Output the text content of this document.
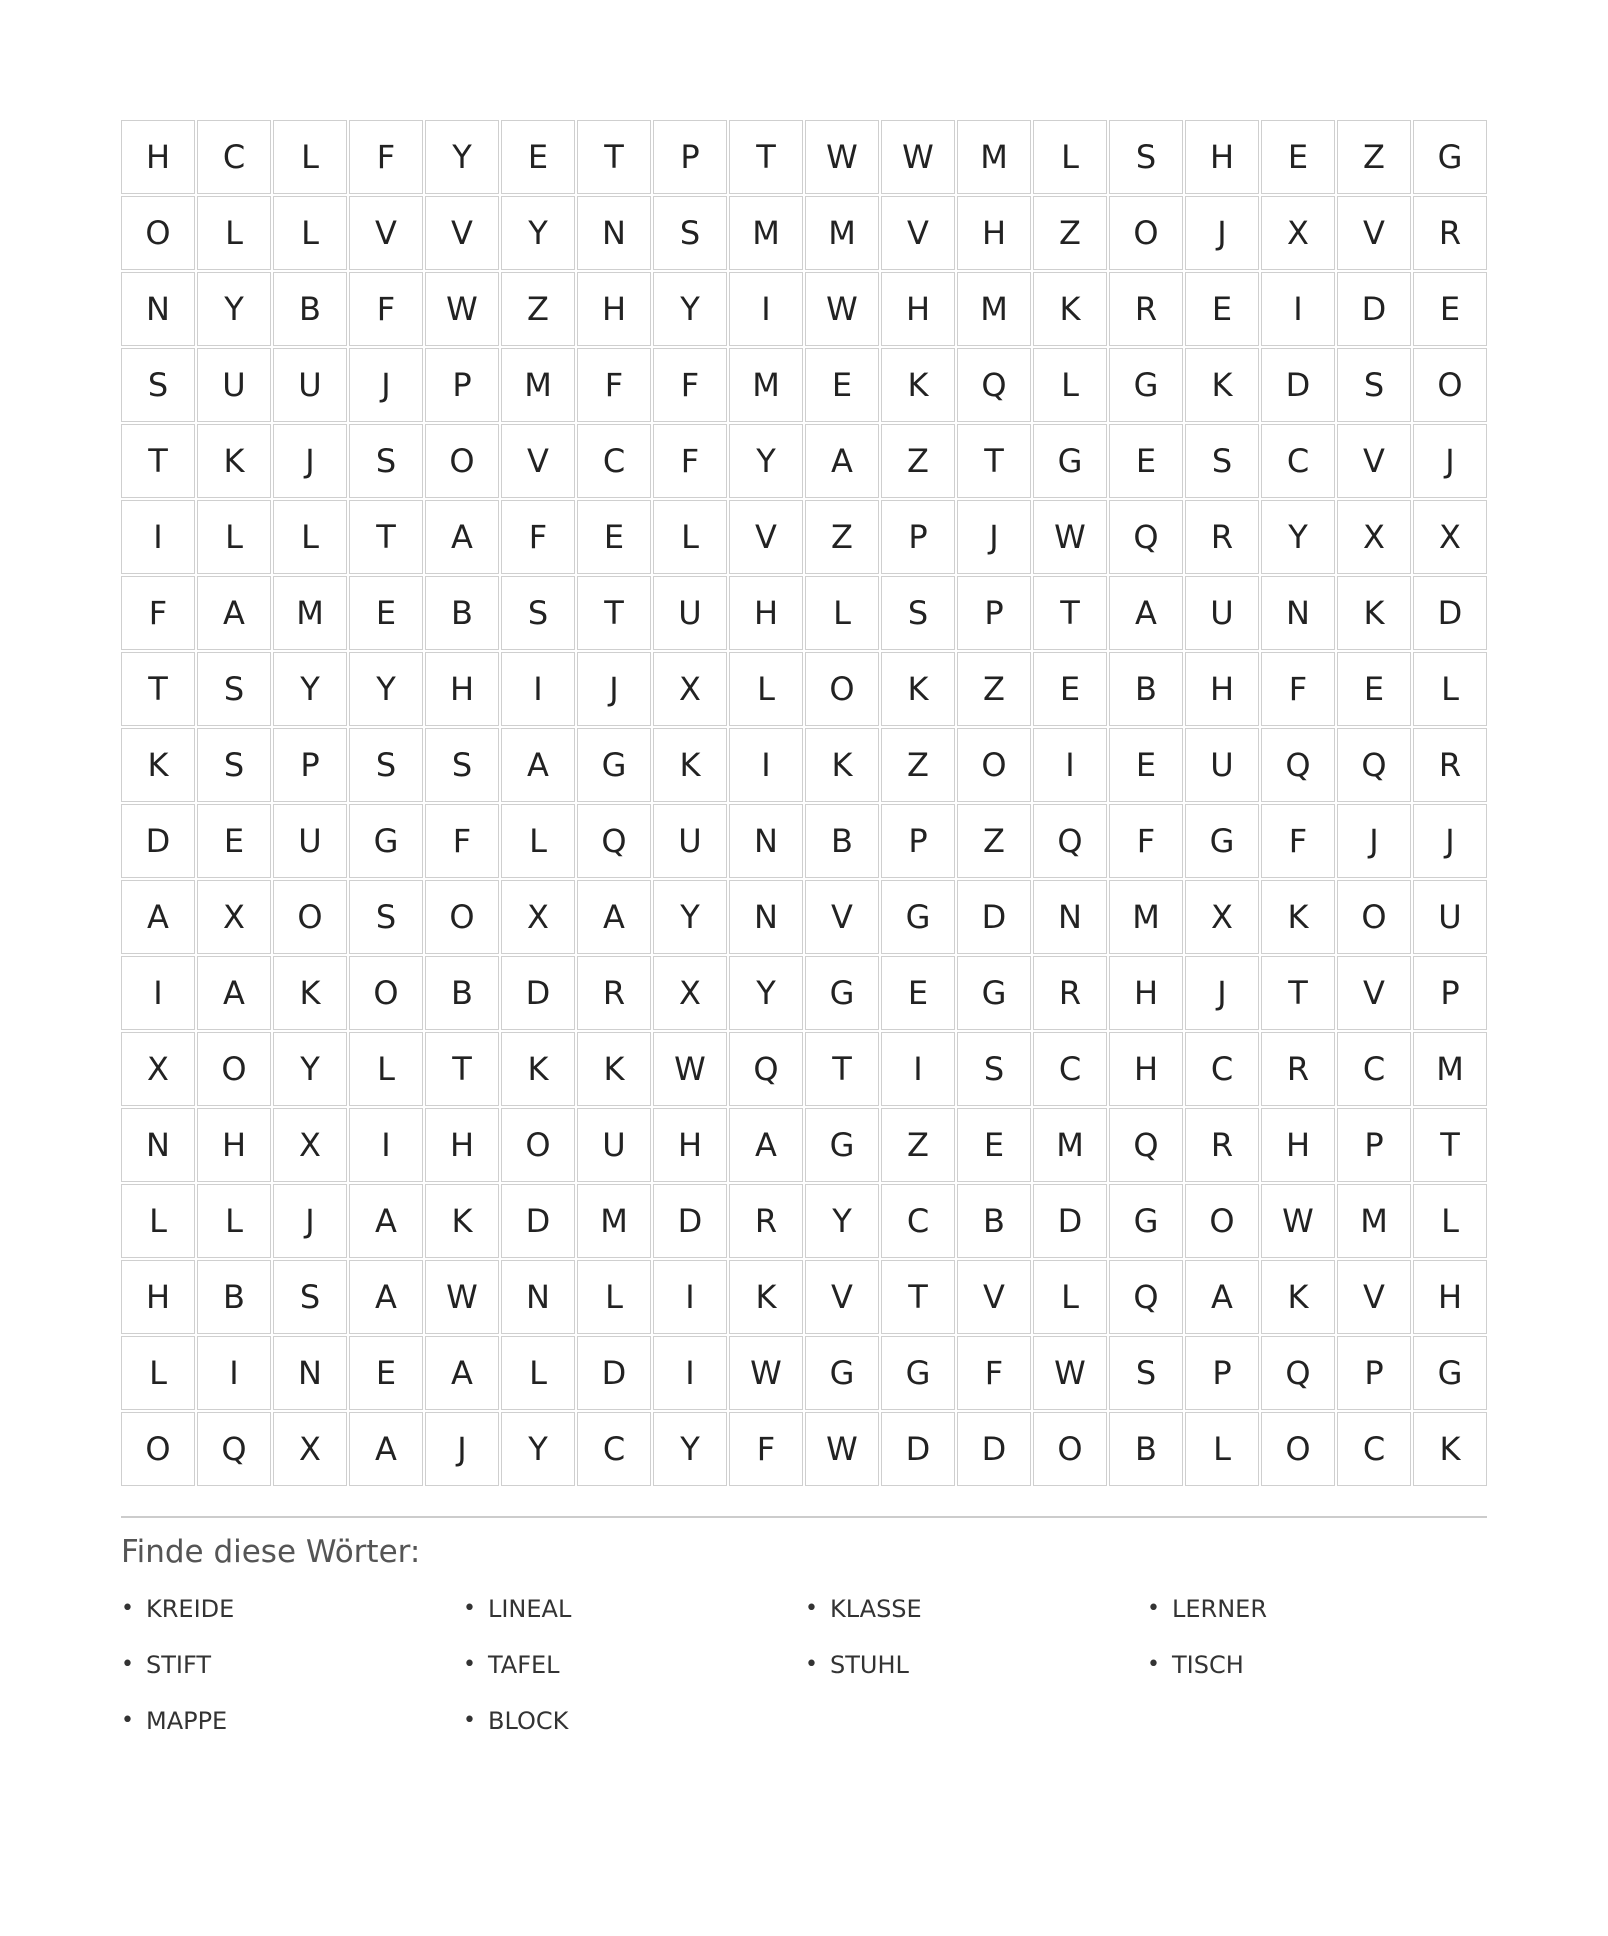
H	C	L	F	Y	E	T	P	T	W	W	M	L	S	H	E	Z	G
O	L	L	V	V	Y	N	S	M	M	V	H	Z	O	J	X	V	R
N	Y	B	F	W	Z	H	Y	I	W	H	M	K	R	E	I	D	E
S	U	U	J	P	M	F	F	M	E	K	Q	L	G	K	D	S	O
T	K	J	S	O	V	C	F	Y	A	Z	T	G	E	S	C	V	J
I	L	L	T	A	F	E	L	V	Z	P	J	W	Q	R	Y	X	X
F	A	M	E	B	S	T	U	H	L	S	P	T	A	U	N	K	D
T	S	Y	Y	H	I	J	X	L	O	K	Z	E	B	H	F	E	L
K	S	P	S	S	A	G	K	I	K	Z	O	I	E	U	Q	Q	R
D	E	U	G	F	L	Q	U	N	B	P	Z	Q	F	G	F	J	J
A	X	O	S	O	X	A	Y	N	V	G	D	N	M	X	K	O	U
I	A	K	O	B	D	R	X	Y	G	E	G	R	H	J	T	V	P
X	O	Y	L	T	K	K	W	Q	T	I	S	C	H	C	R	C	M
N	H	X	I	H	O	U	H	A	G	Z	E	M	Q	R	H	P	T
L	L	J	A	K	D	M	D	R	Y	C	B	D	G	O	W	M	L
H	B	S	A	W	N	L	I	K	V	T	V	L	Q	A	K	V	H
L	I	N	E	A	L	D	I	W	G	G	F	W	S	P	Q	P	G
O	Q	X	A	J	Y	C	Y	F	W	D	D	O	B	L	O	C	K
Finde diese Wörter:
• KREIDE	• LINEAL	• KLASSE	• LERNER
• STIFT	• TAFEL	• STUHL	• TISCH
• MAPPE	• BLOCK
